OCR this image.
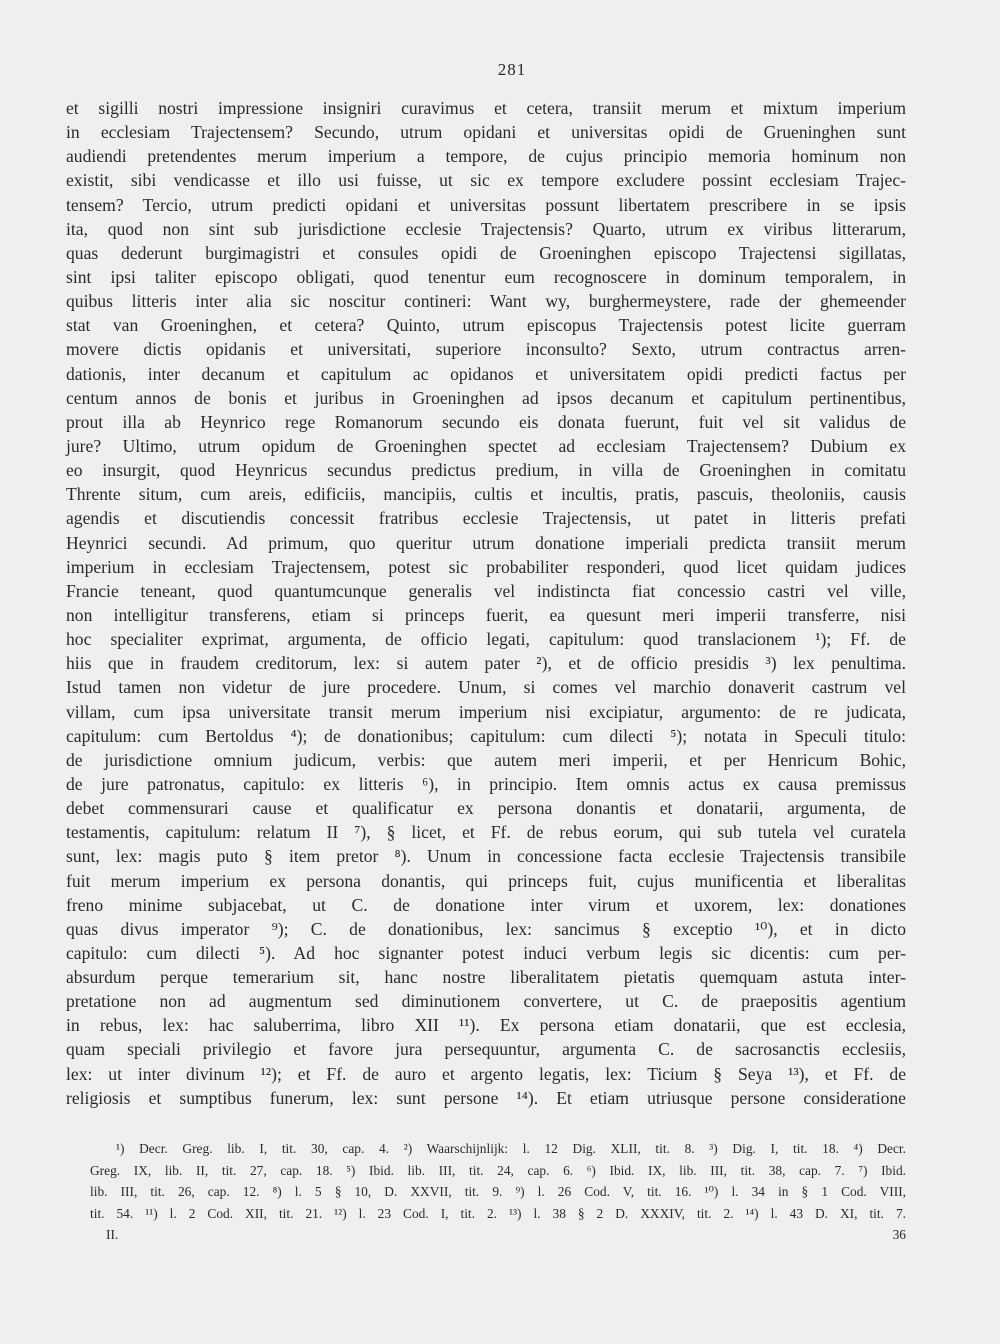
281
et sigilli nostri impressione insigniri curavimus et cetera, transiit merum et mixtum imperium
in ecclesiam Trajectensem? Secundo, utrum opidani et universitas opidi de Grueninghen sunt
audiendi pretendentes merum imperium a tempore, de cujus principio memoria hominum non
existit, sibi vendicasse et illo usi fuisse, ut sic ex tempore excludere possint ecclesiam Trajec-
tensem? Tercio, utrum predicti opidani et universitas possunt libertatem prescribere in se ipsis
ita, quod non sint sub jurisdictione ecclesie Trajectensis? Quarto, utrum ex viribus litterarum,
quas dederunt burgimagistri et consules opidi de Groeninghen episcopo Trajectensi sigillatas,
sint ipsi taliter episcopo obligati, quod tenentur eum recognoscere in dominum temporalem, in
quibus litteris inter alia sic noscitur contineri: Want wy, burghermeystere, rade der ghemeender
stat van Groeninghen, et cetera? Quinto, utrum episcopus Trajectensis potest licite guerram
movere dictis opidanis et universitati, superiore inconsulto? Sexto, utrum contractus arren-
dationis, inter decanum et capitulum ac opidanos et universitatem opidi predicti factus per
centum annos de bonis et juribus in Groeninghen ad ipsos decanum et capitulum pertinentibus,
prout illa ab Heynrico rege Romanorum secundo eis donata fuerunt, fuit vel sit validus de
jure? Ultimo, utrum opidum de Groeninghen spectet ad ecclesiam Trajectensem? Dubium ex
eo insurgit, quod Heynricus secundus predictus predium, in villa de Groeninghen in comitatu
Thrente situm, cum areis, edificiis, mancipiis, cultis et incultis, pratis, pascuis, theoloniis, causis
agendis et discutiendis concessit fratribus ecclesie Trajectensis, ut patet in litteris prefati
Heynrici secundi. Ad primum, quo queritur utrum donatione imperiali predicta transiit merum
imperium in ecclesiam Trajectensem, potest sic probabiliter responderi, quod licet quidam judices
Francie teneant, quod quantumcunque generalis vel indistincta fiat concessio castri vel ville,
non intelligitur transferens, etiam si princeps fuerit, ea quesunt meri imperii transferre, nisi
hoc specialiter exprimat, argumenta, de officio legati, capitulum: quod translacionem ¹); Ff. de
hiis que in fraudem creditorum, lex: si autem pater ²), et de officio presidis ³) lex penultima.
Istud tamen non videtur de jure procedere. Unum, si comes vel marchio donaverit castrum vel
villam, cum ipsa universitate transit merum imperium nisi excipiatur, argumento: de re judicata,
capitulum: cum Bertoldus ⁴); de donationibus; capitulum: cum dilecti ⁵); notata in Speculi titulo:
de jurisdictione omnium judicum, verbis: que autem meri imperii, et per Henricum Bohic,
de jure patronatus, capitulo: ex litteris ⁶), in principio. Item omnis actus ex causa premissus
debet commensurari cause et qualificatur ex persona donantis et donatarii, argumenta, de
testamentis, capitulum: relatum II ⁷), § licet, et Ff. de rebus eorum, qui sub tutela vel curatela
sunt, lex: magis puto § item pretor ⁸). Unum in concessione facta ecclesie Trajectensis transibile
fuit merum imperium ex persona donantis, qui princeps fuit, cujus munificentia et liberalitas
freno minime subjacebat, ut C. de donatione inter virum et uxorem, lex: donationes
quas divus imperator ⁹); C. de donationibus, lex: sancimus § exceptio ¹⁰), et in dicto
capitulo: cum dilecti ⁵). Ad hoc signanter potest induci verbum legis sic dicentis: cum per-
absurdum perque temerarium sit, hanc nostre liberalitatem pietatis quemquam astuta inter-
pretatione non ad augmentum sed diminutionem convertere, ut C. de praepositis agentium
in rebus, lex: hac saluberrima, libro XII ¹¹). Ex persona etiam donatarii, que est ecclesia,
quam speciali privilegio et favore jura persequuntur, argumenta C. de sacrosanctis ecclesiis,
lex: ut inter divinum ¹²); et Ff. de auro et argento legatis, lex: Ticium § Seya ¹³), et Ff. de
religiosis et sumptibus funerum, lex: sunt persone ¹⁴). Et etiam utriusque persone consideratione
¹) Decr. Greg. lib. I, tit. 30, cap. 4. ²) Waarschijnlijk: l. 12 Dig. XLII, tit. 8. ³) Dig. I, tit. 18. ⁴) Decr.
Greg. IX, lib. II, tit. 27, cap. 18. ⁵) Ibid. lib. III, tit. 24, cap. 6. ⁶) Ibid. IX, lib. III, tit. 38, cap. 7. ⁷) Ibid.
lib. III, tit. 26, cap. 12. ⁸) l. 5 § 10, D. XXVII, tit. 9. ⁹) l. 26 Cod. V, tit. 16. ¹⁰) l. 34 in § 1 Cod. VIII,
tit. 54. ¹¹) l. 2 Cod. XII, tit. 21. ¹²) l. 23 Cod. I, tit. 2. ¹³) l. 38 § 2 D. XXXIV, tit. 2. ¹⁴) l. 43 D. XI, tit. 7.
II.	36
